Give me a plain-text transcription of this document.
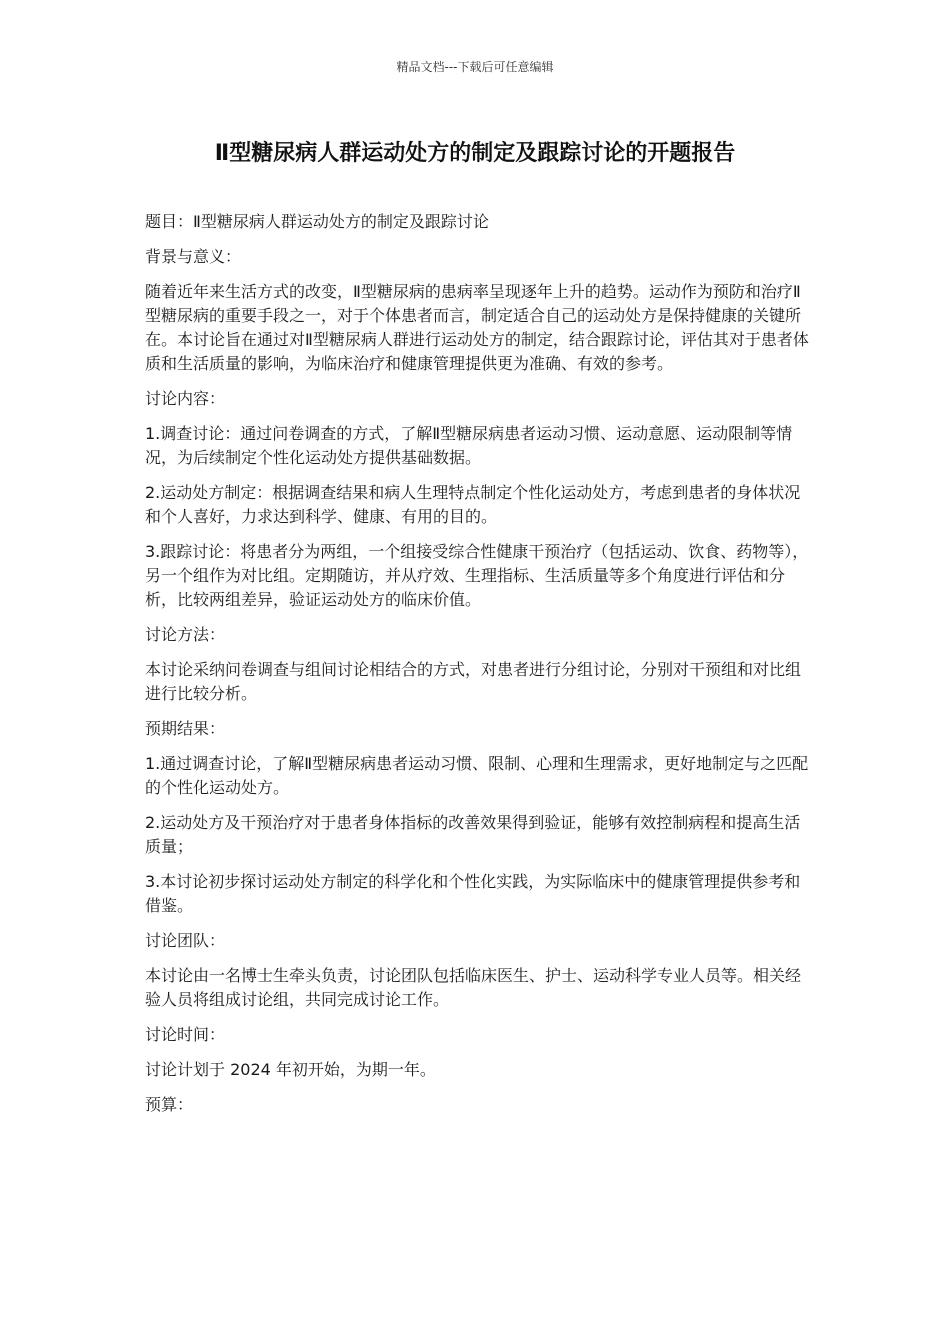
精品文档---下载后可任意编辑
Ⅱ型糖尿病人群运动处方的制定及跟踪讨论的开题报告

题目：Ⅱ型糖尿病人群运动处方的制定及跟踪讨论

背景与意义：

随着近年来生活方式的改变，Ⅱ型糖尿病的患病率呈现逐年上升的趋势。运动作为预防和治疗Ⅱ型糖尿病的重要手段之一，对于个体患者而言，制定适合自己的运动处方是保持健康的关键所在。本讨论旨在通过对Ⅱ型糖尿病人群进行运动处方的制定，结合跟踪讨论，评估其对于患者体质和生活质量的影响，为临床治疗和健康管理提供更为准确、有效的参考。

讨论内容：

1.调查讨论：通过问卷调查的方式，了解Ⅱ型糖尿病患者运动习惯、运动意愿、运动限制等情况，为后续制定个性化运动处方提供基础数据。

2.运动处方制定：根据调查结果和病人生理特点制定个性化运动处方，考虑到患者的身体状况和个人喜好，力求达到科学、健康、有用的目的。

3.跟踪讨论：将患者分为两组，一个组接受综合性健康干预治疗（包括运动、饮食、药物等），另一个组作为对比组。定期随访，并从疗效、生理指标、生活质量等多个角度进行评估和分析，比较两组差异，验证运动处方的临床价值。

讨论方法：

本讨论采纳问卷调查与组间讨论相结合的方式，对患者进行分组讨论，分别对干预组和对比组进行比较分析。

预期结果：

1.通过调查讨论，了解Ⅱ型糖尿病患者运动习惯、限制、心理和生理需求，更好地制定与之匹配的个性化运动处方。

2.运动处方及干预治疗对于患者身体指标的改善效果得到验证，能够有效控制病程和提高生活质量；

3.本讨论初步探讨运动处方制定的科学化和个性化实践，为实际临床中的健康管理提供参考和借鉴。

讨论团队：

本讨论由一名博士生牵头负责，讨论团队包括临床医生、护士、运动科学专业人员等。相关经验人员将组成讨论组，共同完成讨论工作。

讨论时间：

讨论计划于 2024 年初开始，为期一年。

预算：
